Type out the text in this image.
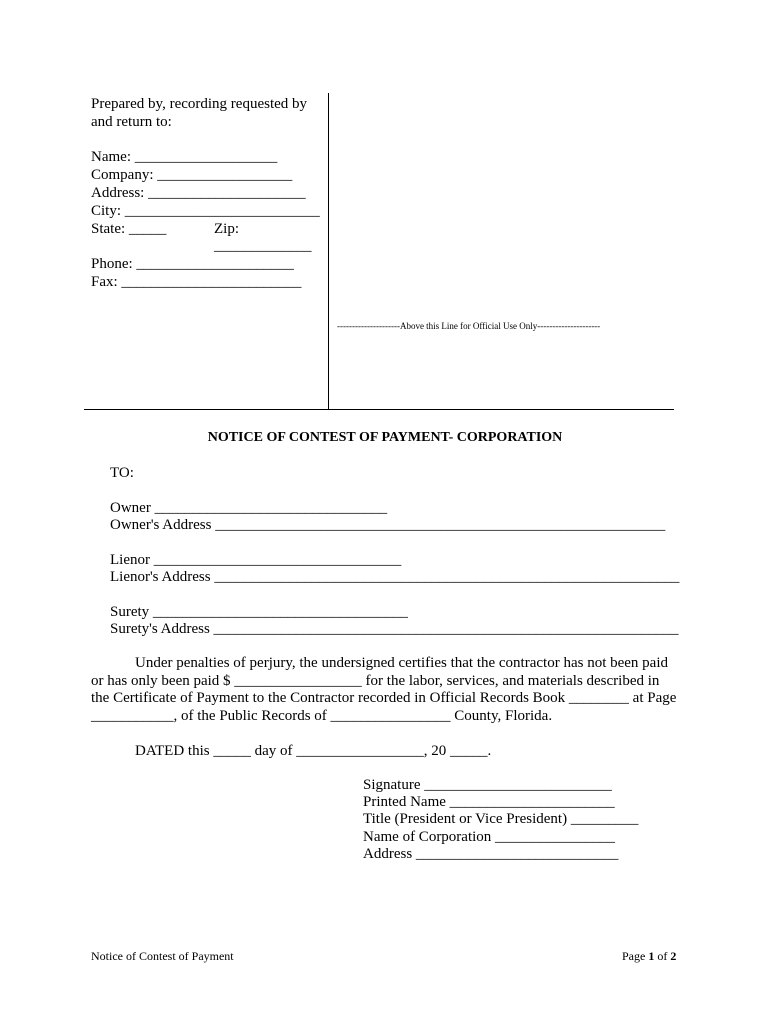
Prepared by, recording requested by
and return to:
Name: ___________________
Company: __________________
Address: _____________________
City: __________________________
State: _____	Zip:
_____________
Phone: _____________________
Fax: ________________________
---------------------Above this Line for Official Use Only---------------------
NOTICE OF CONTEST OF PAYMENT- CORPORATION
TO:
Owner _______________________________
Owner's Address ____________________________________________________________
Lienor _________________________________
Lienor's Address ______________________________________________________________
Surety __________________________________
Surety's Address ______________________________________________________________
Under penalties of perjury, the undersigned certifies that the contractor has not been paid or has only been paid $ _________________ for the labor, services, and materials described in the Certificate of Payment to the Contractor recorded in Official Records Book ________ at Page ___________, of the Public Records of ________________ County, Florida.
DATED this _____ day of _________________, 20 _____.
Signature _________________________
Printed Name ______________________
Title (President or Vice President) _________
Name of Corporation ________________
Address ___________________________
Notice of Contest of Payment	Page 1 of 2
